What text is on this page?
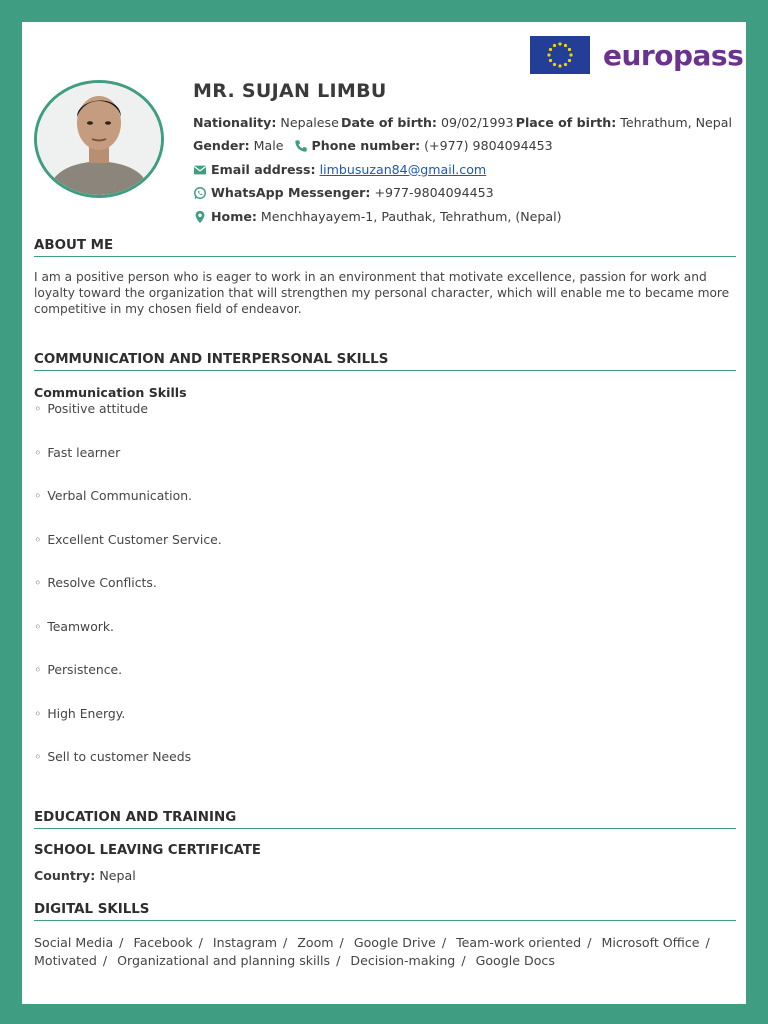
europass
MR. SUJAN LIMBU
Nationality:
Nepalese Date of birth:
09/02/1993 Place of birth:
Tehrathum, Nepal
Gender:
Male Phone number:
(+977) 9804094453
Email address:
limbusuzan84@gmail.com
WhatsApp Messenger:
+977-9804094453
Home:
Menchhayayem-1, Pauthak, Tehrathum, (Nepal)
ABOUT ME
I am a positive person who is eager to work in an environment that motivate excellence, passion for work and loyalty toward the organization that will strengthen my personal character, which will enable me to became more competitive in my chosen field of endeavor.
COMMUNICATION AND INTERPERSONAL SKILLS
Communication Skills
◦ Positive attitude
◦ Fast learner
◦ Verbal Communication.
◦ Excellent Customer Service.
◦ Resolve Conflicts.
◦ Teamwork.
◦ Persistence.
◦ High Energy.
◦ Sell to customer Needs
EDUCATION AND TRAINING
SCHOOL LEAVING CERTIFICATE
Country: Nepal
DIGITAL SKILLS
Social Media / Facebook / Instagram / Zoom / Google Drive / Team-work oriented / Microsoft Office /
Motivated / Organizational and planning skills / Decision-making / Google Docs
